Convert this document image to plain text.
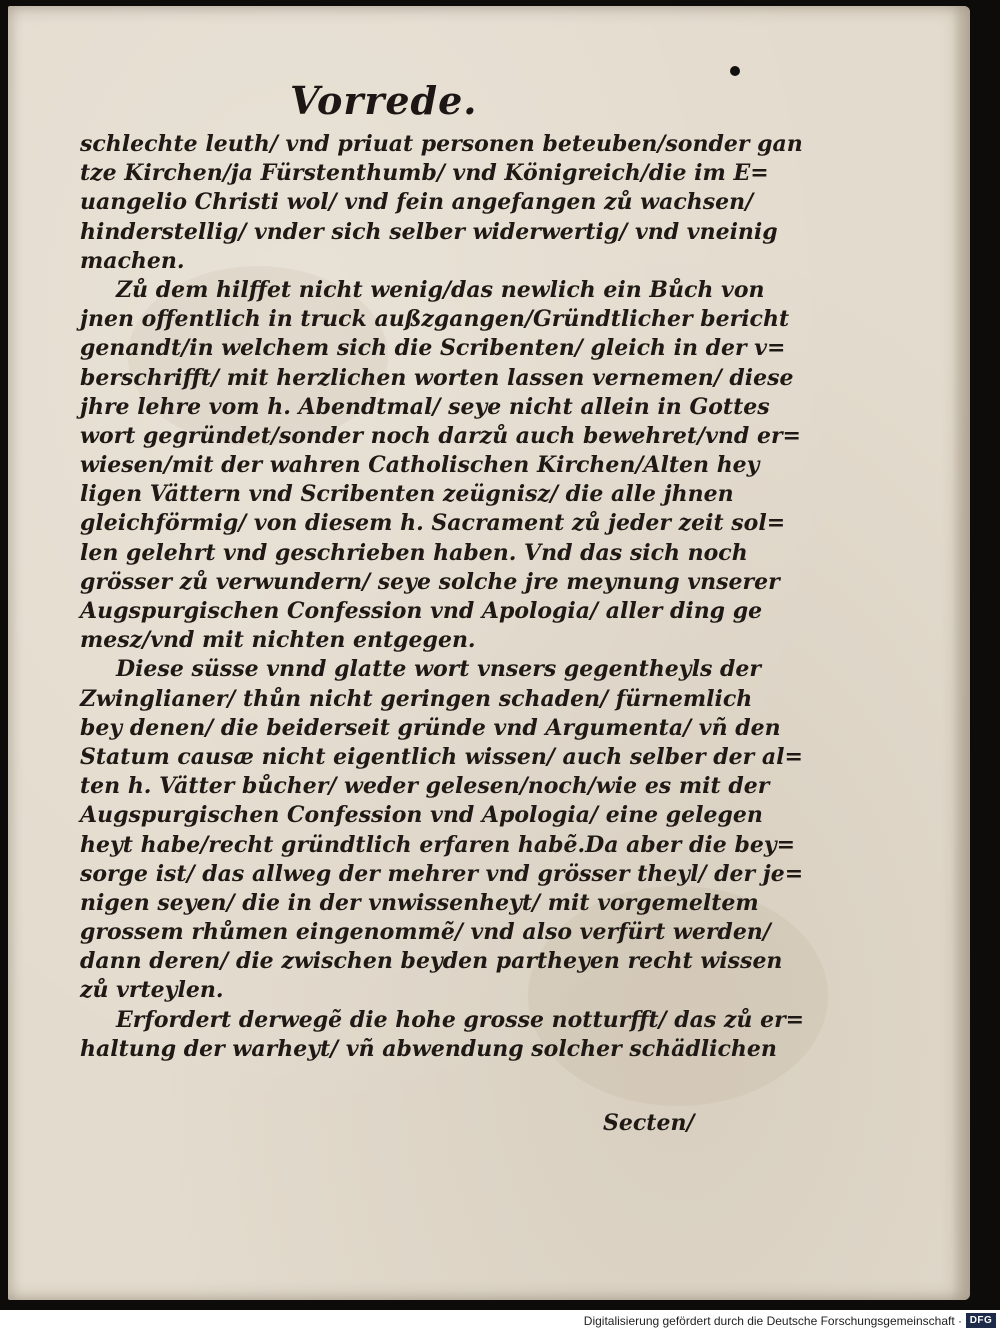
Vorrede.
schlechte leuth/ vnd priuat personen beteuben/sonder gan
tze Kirchen/ja Fürstenthumb/ vnd Königreich/die im E=
uangelio Christi wol/ vnd fein angefangen zů wachsen/
hinderstellig/ vnder sich selber widerwertig/ vnd vneinig
machen.
Zů dem hilffet nicht wenig/das newlich ein Bůch von
jnen offentlich in truck außzgangen/Gründtlicher bericht
genandt/in welchem sich die Scribenten/ gleich in der v=
berschrifft/ mit herzlichen worten lassen vernemen/ diese
jhre lehre vom h. Abendtmal/ seye nicht allein in Gottes
wort gegründet/sonder noch darzů auch bewehret/vnd er=
wiesen/mit der wahren Catholischen Kirchen/Alten hey
ligen Vättern vnd Scribenten zeügnisz/ die alle jhnen
gleichförmig/ von diesem h. Sacrament zů jeder zeit sol=
len gelehrt vnd geschrieben haben. Vnd das sich noch
grösser zů verwundern/ seye solche jre meynung vnserer
Augspurgischen Confession vnd Apologia/ aller ding ge
mesz/vnd mit nichten entgegen.
Diese süsse vnnd glatte wort vnsers gegentheyls der
Zwinglianer/ thůn nicht geringen schaden/ fürnemlich
bey denen/ die beiderseit gründe vnd Argumenta/ vñ den
Statum causæ nicht eigentlich wissen/ auch selber der al=
ten h. Vätter bůcher/ weder gelesen/noch/wie es mit der
Augspurgischen Confession vnd Apologia/ eine gelegen
heyt habe/recht gründtlich erfaren habẽ.Da aber die bey=
sorge ist/ das allweg der mehrer vnd grösser theyl/ der je=
nigen seyen/ die in der vnwissenheyt/ mit vorgemeltem
grossem rhůmen eingenommẽ/ vnd also verfürt werden/
dann deren/ die zwischen beyden partheyen recht wissen
zů vrteylen.
Erfordert derwegẽ die hohe grosse notturfft/ das zů er=
haltung der warheyt/ vñ abwendung solcher schädlichen
Secten/
Digitalisierung gefördert durch die Deutsche Forschungsgemeinschaft · DFG
